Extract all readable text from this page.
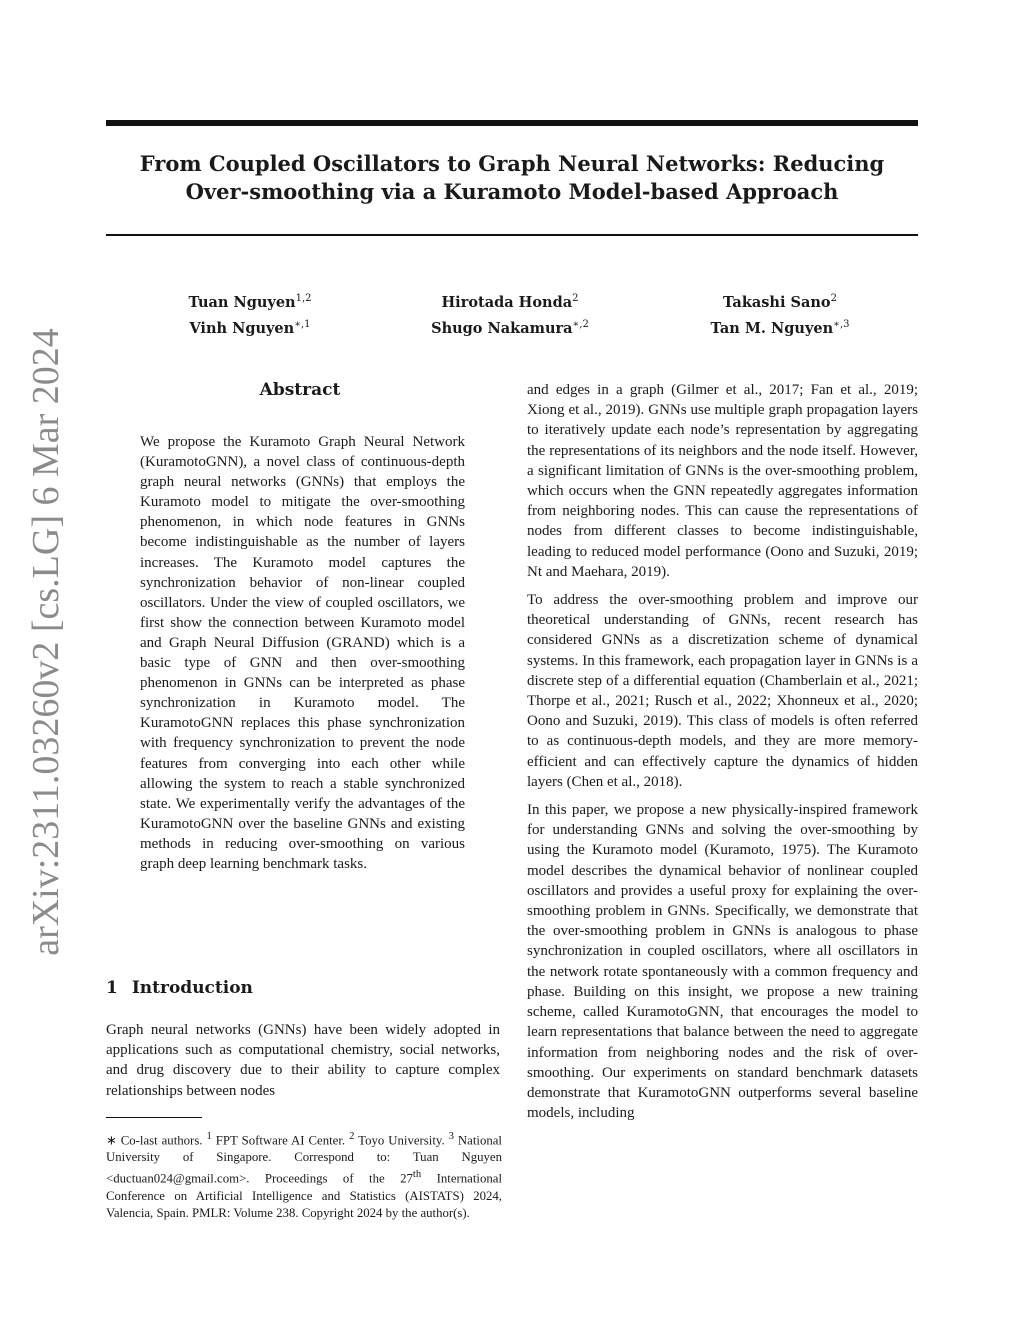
arXiv:2311.03260v2 [cs.LG] 6 Mar 2024
From Coupled Oscillators to Graph Neural Networks: Reducing
Over-smoothing via a Kuramoto Model-based Approach
Tuan Nguyen$^{1,2}$
Vinh Nguyen$^{∗,1}$
Hirotada Honda$^2$
Shugo Nakamura$^{∗,2}$
Takashi Sano$^2$
Tan M. Nguyen$^{∗,3}$
Abstract
We propose the Kuramoto Graph Neural Network (KuramotoGNN), a novel class of continuous-depth graph neural networks (GNNs) that employs the Kuramoto model to mitigate the over-smoothing phenomenon, in which node features in GNNs become indistinguishable as the number of layers increases. The Kuramoto model captures the synchronization behavior of non-linear coupled oscillators. Under the view of coupled oscillators, we first show the connection between Kuramoto model and Graph Neural Diffusion (GRAND) which is a basic type of GNN and then over-smoothing phenomenon in GNNs can be interpreted as phase synchronization in Kuramoto model. The KuramotoGNN replaces this phase synchronization with frequency synchronization to prevent the node features from converging into each other while allowing the system to reach a stable synchronized state. We experimentally verify the advantages of the KuramotoGNN over the baseline GNNs and existing methods in reducing over-smoothing on various graph deep learning benchmark tasks.
1 Introduction
Graph neural networks (GNNs) have been widely adopted in applications such as computational chemistry, social networks, and drug discovery due to their ability to capture complex relationships between nodes
∗ Co-last authors. $^1$ FPT Software AI Center. $^2$ Toyo University. $^3$ National University of Singapore. Correspond to: Tuan Nguyen <ductuan024@gmail.com>. Proceedings of the 27th International Conference on Artificial Intelligence and Statistics (AISTATS) 2024, Valencia, Spain. PMLR: Volume 238. Copyright 2024 by the author(s).

and edges in a graph (Gilmer et al., 2017; Fan et al., 2019; Xiong et al., 2019). GNNs use multiple graph propagation layers to iteratively update each node’s representation by aggregating the representations of its neighbors and the node itself. However, a significant limitation of GNNs is the over-smoothing problem, which occurs when the GNN repeatedly aggregates information from neighboring nodes. This can cause the representations of nodes from different classes to become indistinguishable, leading to reduced model performance (Oono and Suzuki, 2019; Nt and Maehara, 2019).

To address the over-smoothing problem and improve our theoretical understanding of GNNs, recent research has considered GNNs as a discretization scheme of dynamical systems. In this framework, each propagation layer in GNNs is a discrete step of a differential equation (Chamberlain et al., 2021; Thorpe et al., 2021; Rusch et al., 2022; Xhonneux et al., 2020; Oono and Suzuki, 2019). This class of models is often referred to as continuous-depth models, and they are more memory-efficient and can effectively capture the dynamics of hidden layers (Chen et al., 2018).

In this paper, we propose a new physically-inspired framework for understanding GNNs and solving the over-smoothing by using the Kuramoto model (Kuramoto, 1975). The Kuramoto model describes the dynamical behavior of nonlinear coupled oscillators and provides a useful proxy for explaining the over-smoothing problem in GNNs. Specifically, we demonstrate that the over-smoothing problem in GNNs is analogous to phase synchronization in coupled oscillators, where all oscillators in the network rotate spontaneously with a common frequency and phase. Building on this insight, we propose a new training scheme, called KuramotoGNN, that encourages the model to learn representations that balance between the need to aggregate information from neighboring nodes and the risk of over-smoothing. Our experiments on standard benchmark datasets demonstrate that KuramotoGNN outperforms several baseline models, including
